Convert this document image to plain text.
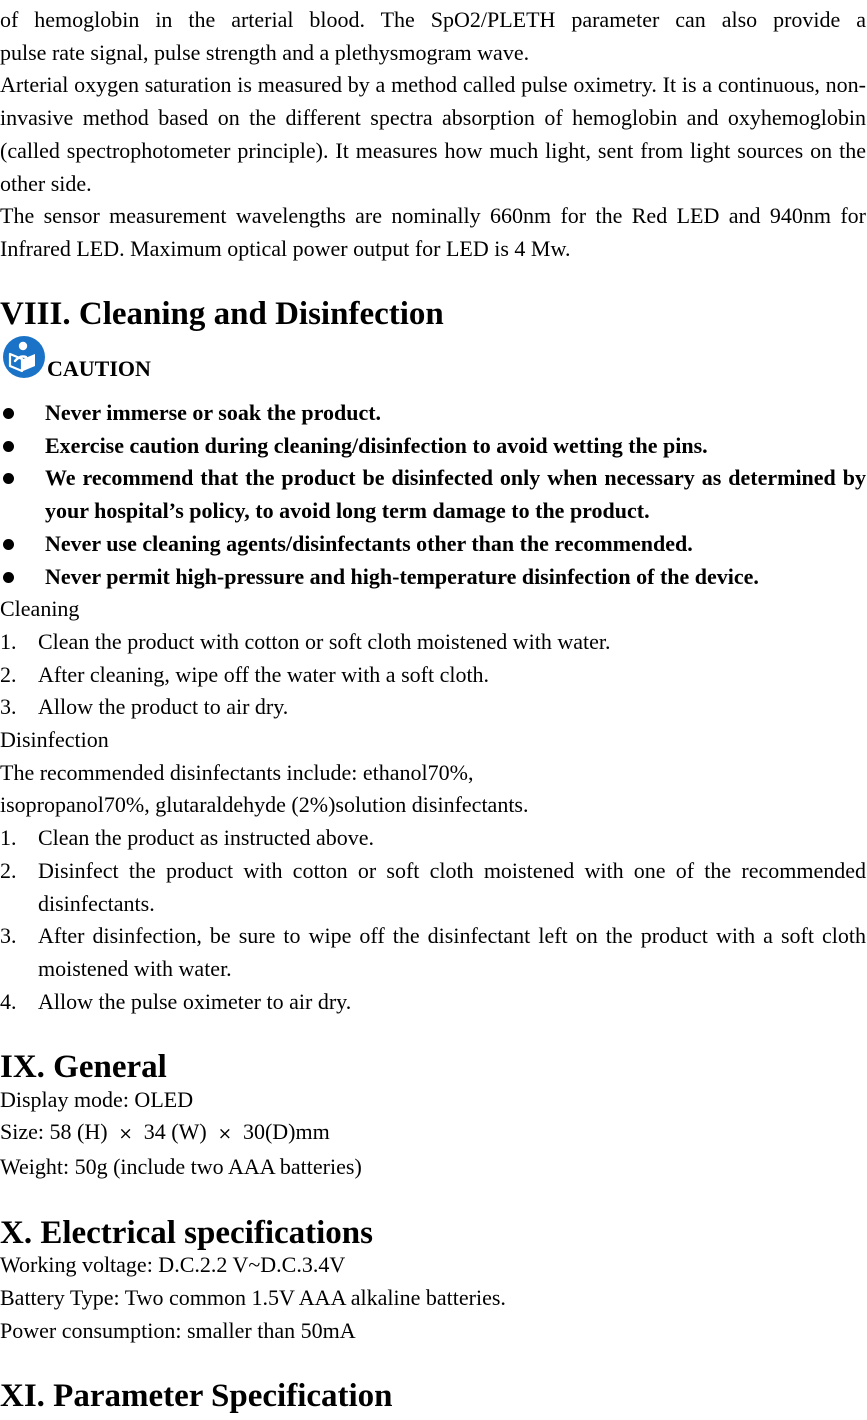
of hemoglobin in the arterial blood. The SpO2/PLETH parameter can also provide a

pulse rate signal, pulse strength and a plethysmogram wave.

Arterial oxygen saturation is measured by a method called pulse oximetry. It is a continuous, non-invasive method based on the different spectra absorption of hemoglobin and oxyhemoglobin (called spectrophotometer principle). It measures how much light, sent from light sources on the other side.

The sensor measurement wavelengths are nominally 660nm for the Red LED and 940nm for Infrared LED. Maximum optical power output for LED is 4 Mw.

VIII. Cleaning and Disinfection
CAUTION
Never immerse or soak the product.
Exercise caution during cleaning/disinfection to avoid wetting the pins.
We recommend that the product be disinfected only when necessary as determined by your hospital’s policy, to avoid long term damage to the product.
Never use cleaning agents/disinfectants other than the recommended.
Never permit high-pressure and high-temperature disinfection of the device.

Cleaning

1. Clean the product with cotton or soft cloth moistened with water.
2. After cleaning, wipe off the water with a soft cloth.
3. Allow the product to air dry.

Disinfection

The recommended disinfectants include: ethanol70%,

isopropanol70%, glutaraldehyde (2%)solution disinfectants.

1. Clean the product as instructed above.
2. Disinfect the product with cotton or soft cloth moistened with one of the recommended disinfectants.
3. After disinfection, be sure to wipe off the disinfectant left on the product with a soft cloth moistened with water.
4. Allow the pulse oximeter to air dry.
IX. General

Display mode: OLED

Size: 58 (H) × 34 (W) × 30(D)mm

Weight: 50g (include two AAA batteries)

X. Electrical specifications

Working voltage: D.C.2.2 V~D.C.3.4V

Battery Type: Two common 1.5V AAA alkaline batteries.

Power consumption: smaller than 50mA

XI. Parameter Specification
